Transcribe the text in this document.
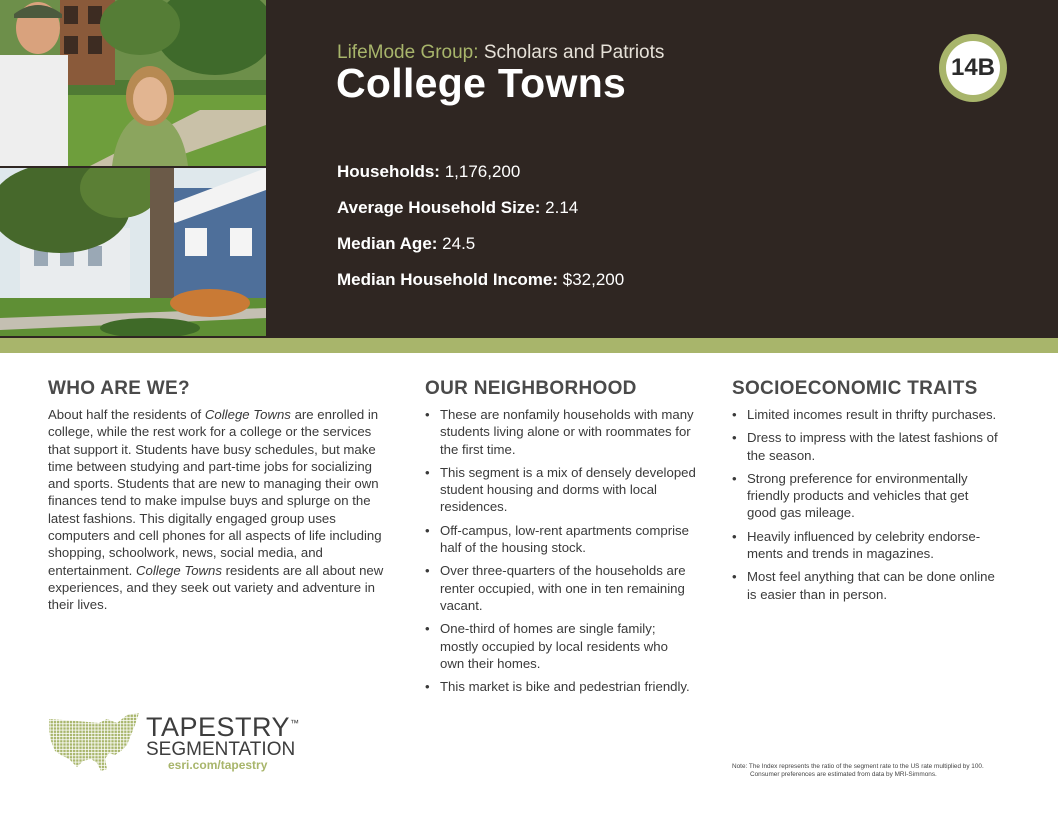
LifeMode Group: Scholars and Patriots
College Towns	14B
Households: 1,176,200
Average Household Size: 2.14
Median Age: 24.5
Median Household Income: $32,200
WHO ARE WE?
About half the residents of College Towns are enrolled in
college, while the rest work for a college or the services
that support it. Students have busy schedules, but make
time between studying and part-time jobs for socializing
and sports. Students that are new to managing their own
finances tend to make impulse buys and splurge on the
latest fashions. This digitally engaged group uses
computers and cell phones for all aspects of life including
shopping, schoolwork, news, social media, and
entertainment. College Towns residents are all about new
experiences, and they seek out variety and adventure in
their lives.
OUR NEIGHBORHOOD
• These are nonfamily households with many
students living alone or with roommates for
the first time.
• This segment is a mix of densely developed
student housing and dorms with local
residences.
• Off-campus, low-rent apartments comprise
half of the housing stock.
• Over three-quarters of the households are
renter occupied, with one in ten remaining
vacant.
• One-third of homes are single family;
mostly occupied by local residents who
own their homes.
• This market is bike and pedestrian friendly.
SOCIOECONOMIC TRAITS
• Limited incomes result in thrifty purchases.
• Dress to impress with the latest fashions of
the season.
• Strong preference for environmentally
friendly products and vehicles that get
good gas mileage.
• Heavily influenced by celebrity endorse-
ments and trends in magazines.
• Most feel anything that can be done online
is easier than in person.
TAPESTRY™
SEGMENTATION
esri.com/tapestry	Note: The Index represents the ratio of the segment rate to the US rate multiplied by 100.
Consumer preferences are estimated from data by MRI-Simmons.
